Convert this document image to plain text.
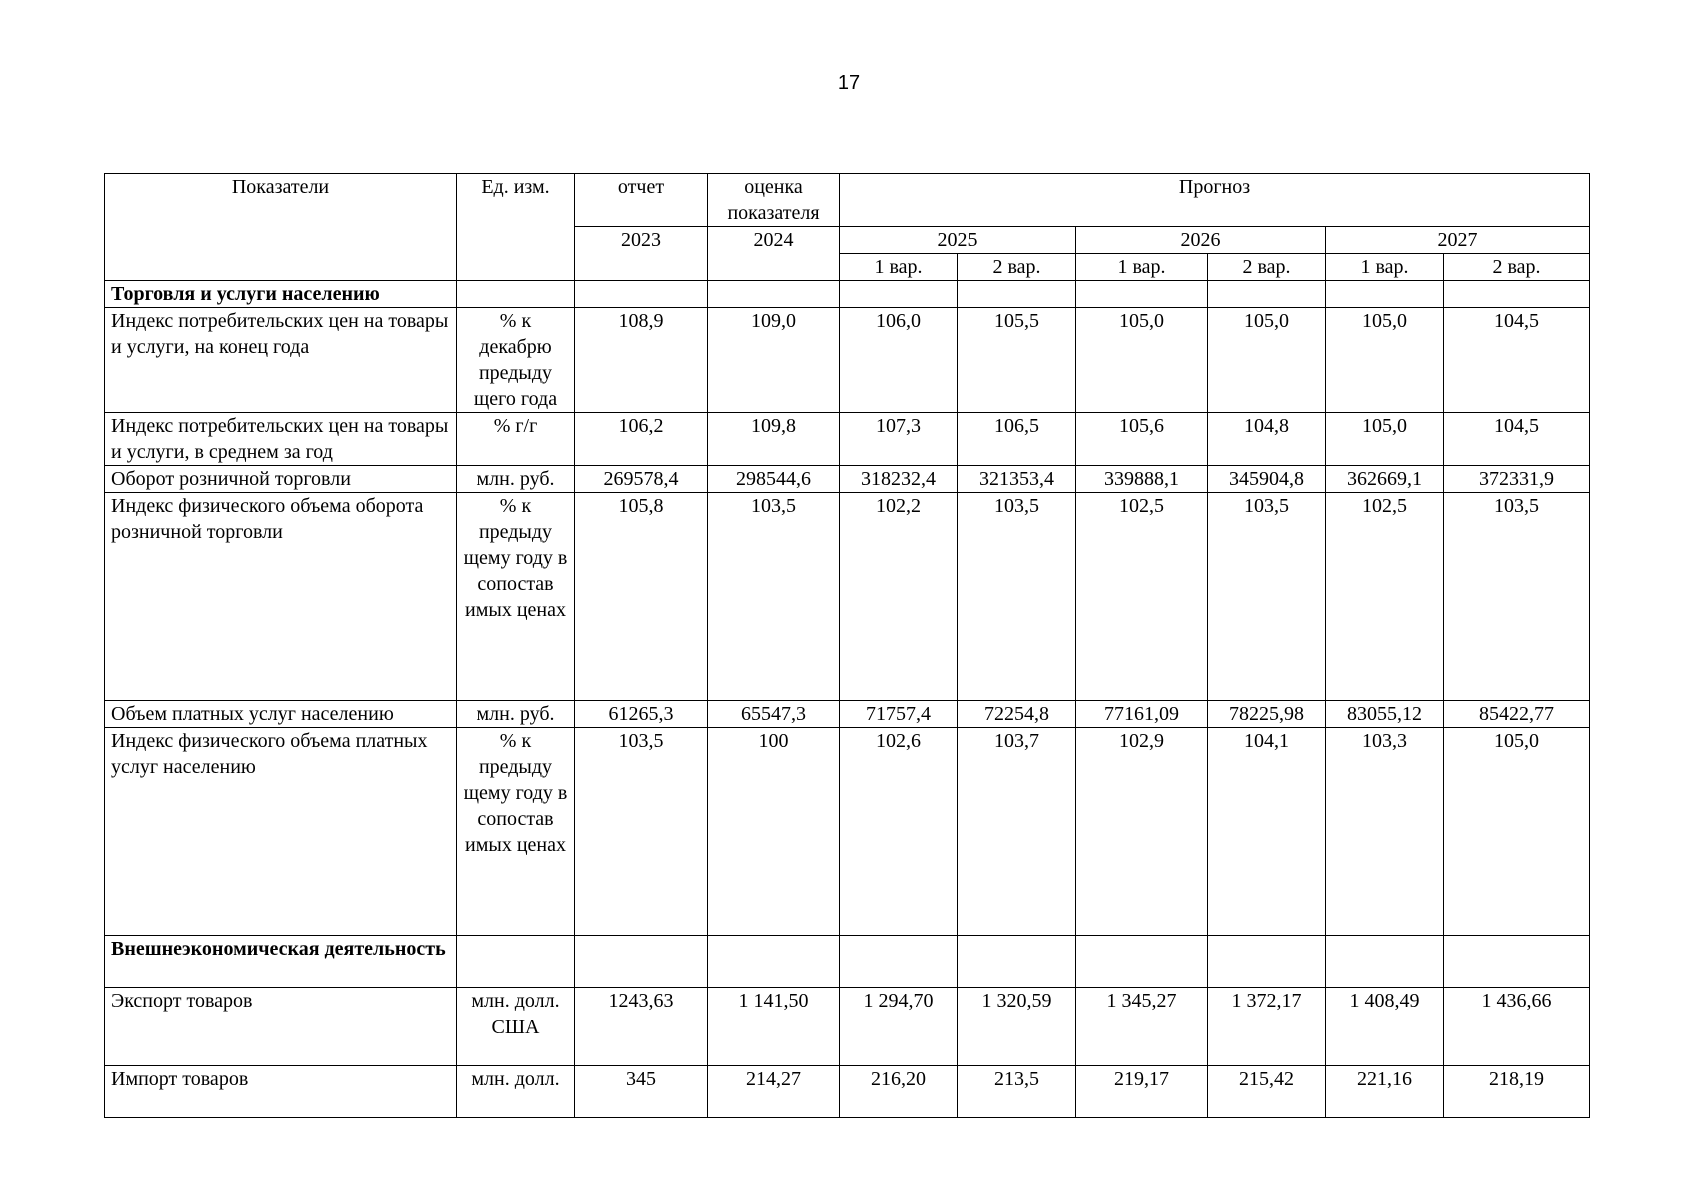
17
Показатели	Ед. изм.	отчет	оценка показателя	Прогноз					
		2023	2024	2025		2026		2027	
				1 вар.	2 вар.	1 вар.	2 вар.	1 вар.	2 вар.
Торговля и услуги населению									
Индекс потребительских цен на товары и услуги, на конец года	% к декабрю предыду щего года	108,9	109,0	106,0	105,5	105,0	105,0	105,0	104,5
Индекс потребительских цен на товары и услуги, в среднем за год	% г/г	106,2	109,8	107,3	106,5	105,6	104,8	105,0	104,5
Оборот розничной торговли	млн. руб.	269578,4	298544,6	318232,4	321353,4	339888,1	345904,8	362669,1	372331,9
Индекс физического объема оборота розничной торговли	% к предыду щему году в сопостав имых ценах	105,8	103,5	102,2	103,5	102,5	103,5	102,5	103,5
Объем платных услуг населению	млн. руб.	61265,3	65547,3	71757,4	72254,8	77161,09	78225,98	83055,12	85422,77
Индекс физического объема платных услуг населению	% к предыду щему году в сопостав имых ценах	103,5	100	102,6	103,7	102,9	104,1	103,3	105,0
Внешнеэкономическая деятельность									
Экспорт товаров	млн. долл. США	1243,63	1 141,50	1 294,70	1 320,59	1 345,27	1 372,17	1 408,49	1 436,66
Импорт товаров	млн. долл.	345	214,27	216,20	213,5	219,17	215,42	221,16	218,19
